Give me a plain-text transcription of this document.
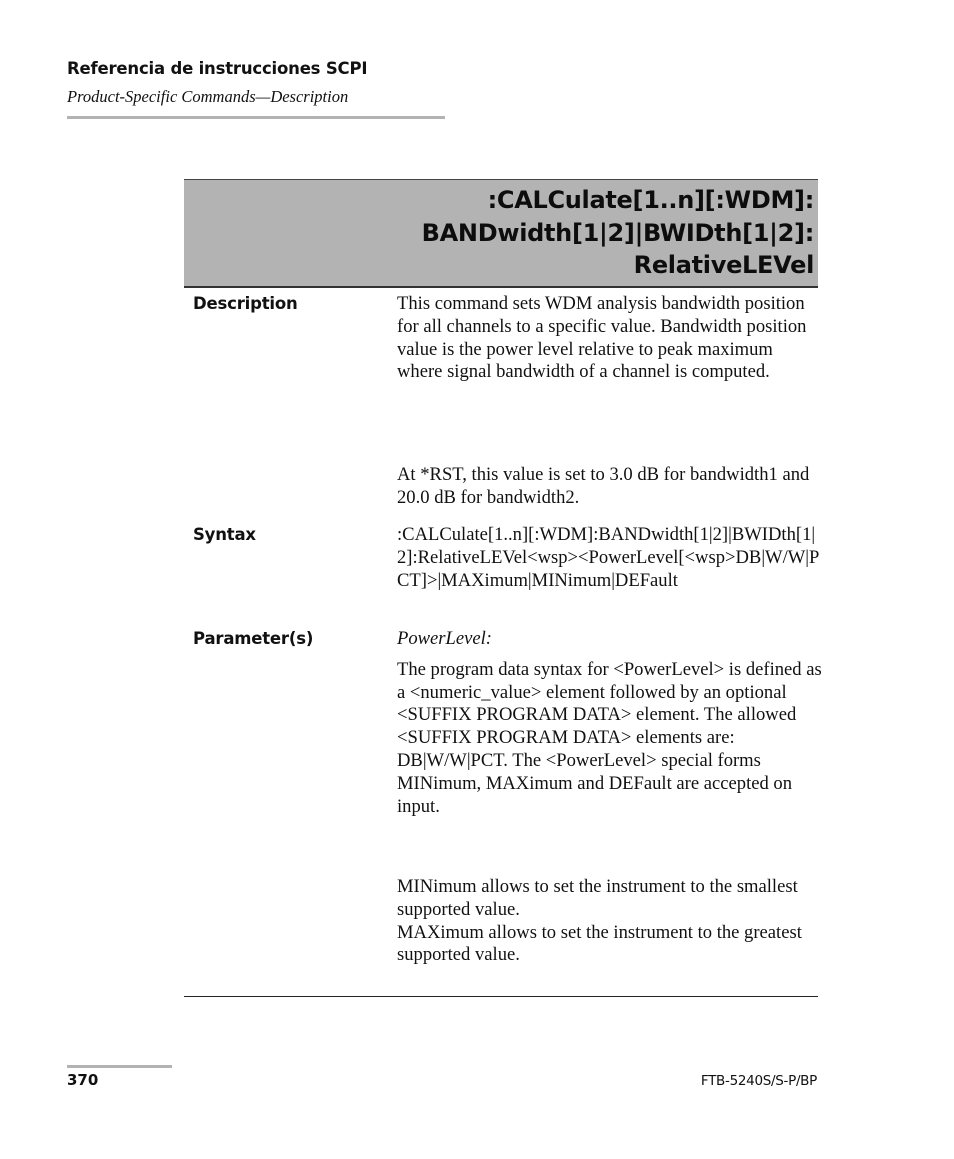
Referencia de instrucciones SCPI
Product-Specific Commands—Description
:CALCulate[1..n][:WDM]:
BANDwidth[1|2]|BWIDth[1|2]:
RelativeLEVel
Description	This command sets WDM analysis bandwidth position for all channels to a specific value. Bandwidth position value is the power level relative to peak maximum where signal bandwidth of a channel is computed.

At *RST, this value is set to 3.0 dB for bandwidth1 and 20.0 dB for bandwidth2.

Syntax	:CALCulate[1..n][:WDM]:BANDwidth[1|2]|BWIDth[1|2]:RelativeLEVel<wsp><PowerLevel[<wsp>DB|W/W|PCT]>|MAXimum|MINimum|DEFault

Parameter(s)	PowerLevel:

The program data syntax for <PowerLevel> is defined as a <numeric_value> element followed by an optional <SUFFIX PROGRAM DATA> element. The allowed <SUFFIX PROGRAM DATA> elements are: DB|W/W|PCT. The <PowerLevel> special forms MINimum, MAXimum and DEFault are accepted on input.

MINimum allows to set the instrument to the smallest supported value.

MAXimum allows to set the instrument to the greatest supported value.

370	FTB-5240S/S-P/BP
